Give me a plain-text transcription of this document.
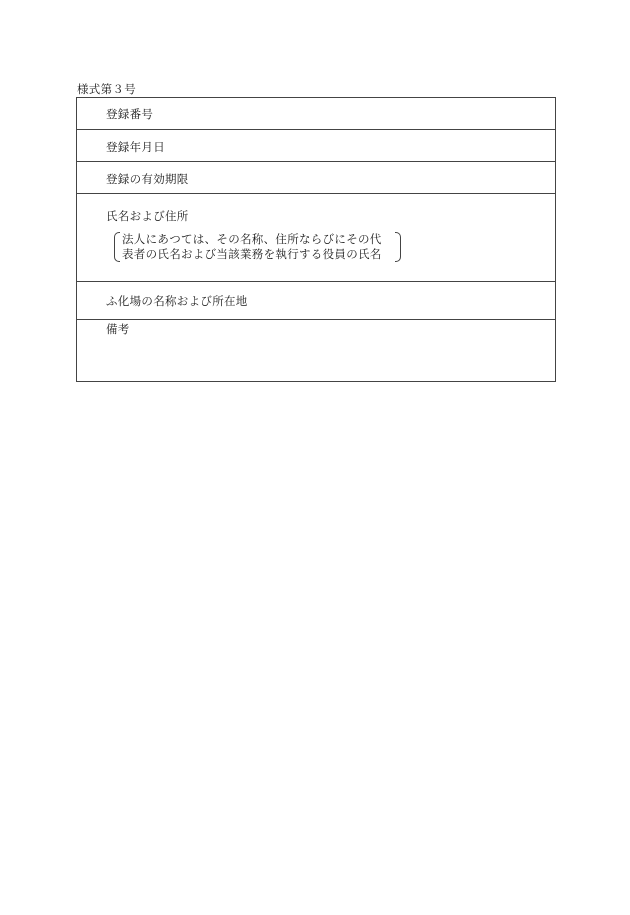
様式第３号
登録番号
登録年月日
登録の有効期限
氏名および住所
法人にあつては、その名称、住所ならびにその代
表者の氏名および当該業務を執行する役員の氏名
ふ化場の名称および所在地
備考
